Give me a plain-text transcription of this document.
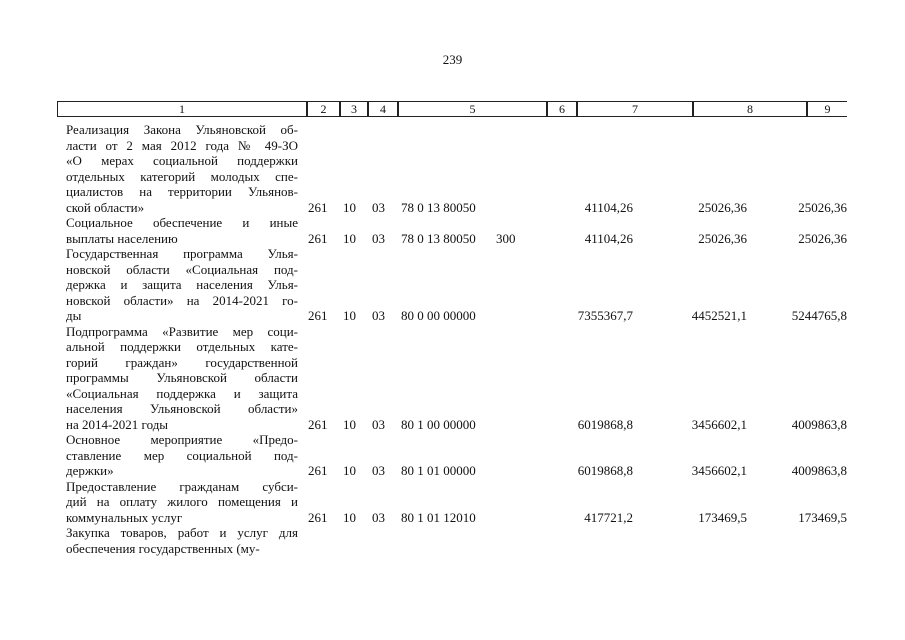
239
1	2	3	4	5	6	7	8	9
Реализация Закона Ульяновской об-
ласти от 2 мая 2012 года № 49-ЗО
«О мерах социальной поддержки
отдельных категорий молодых спе-
циалистов на территории Ульянов-
ской области»	261 10 03 78 0 13 80050	41104,26	25026,36	25026,36
Социальное обеспечение и иные
выплаты населению	261 10 03 78 0 13 80050 300	41104,26	25026,36	25026,36
Государственная программа Улья-
новской области «Социальная под-
держка и защита населения Улья-
новской области» на 2014-2021 го-
ды	261 10 03 80 0 00 00000	7355367,7	4452521,1	5244765,8
Подпрограмма «Развитие мер соци-
альной поддержки отдельных кате-
горий граждан» государственной
программы Ульяновской области
«Социальная поддержка и защита
населения Ульяновской области»
на 2014-2021 годы	261 10 03 80 1 00 00000	6019868,8	3456602,1	4009863,8
Основное мероприятие «Предо-
ставление мер социальной под-
держки»	261 10 03 80 1 01 00000	6019868,8	3456602,1	4009863,8
Предоставление гражданам субси-
дий на оплату жилого помещения и
коммунальных услуг	261 10 03 80 1 01 12010	417721,2	173469,5	173469,5
Закупка товаров, работ и услуг для
обеспечения государственных (му-
